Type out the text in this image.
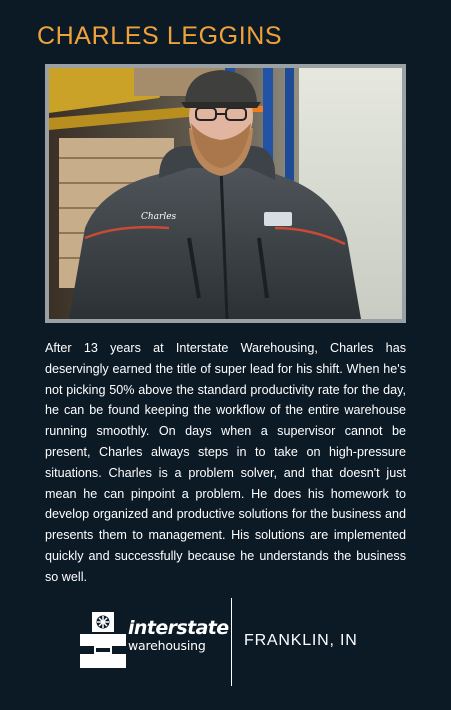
CHARLES LEGGINS
Charles

After 13 years at Interstate Warehousing, Charles has deservingly earned the title of super lead for his shift. When he's not picking 50% above the standard productivity rate for the day, he can be found keeping the workflow of the entire warehouse running smoothly. On days when a supervisor cannot be present, Charles always steps in to take on high-pressure situations. Charles is a problem solver, and that doesn't just mean he can pinpoint a problem. He does his homework to develop organized and productive solutions for the business and presents them to management. His solutions are implemented quickly and successfully because he understands the business so well.

interstate
warehousing	FRANKLIN, IN
